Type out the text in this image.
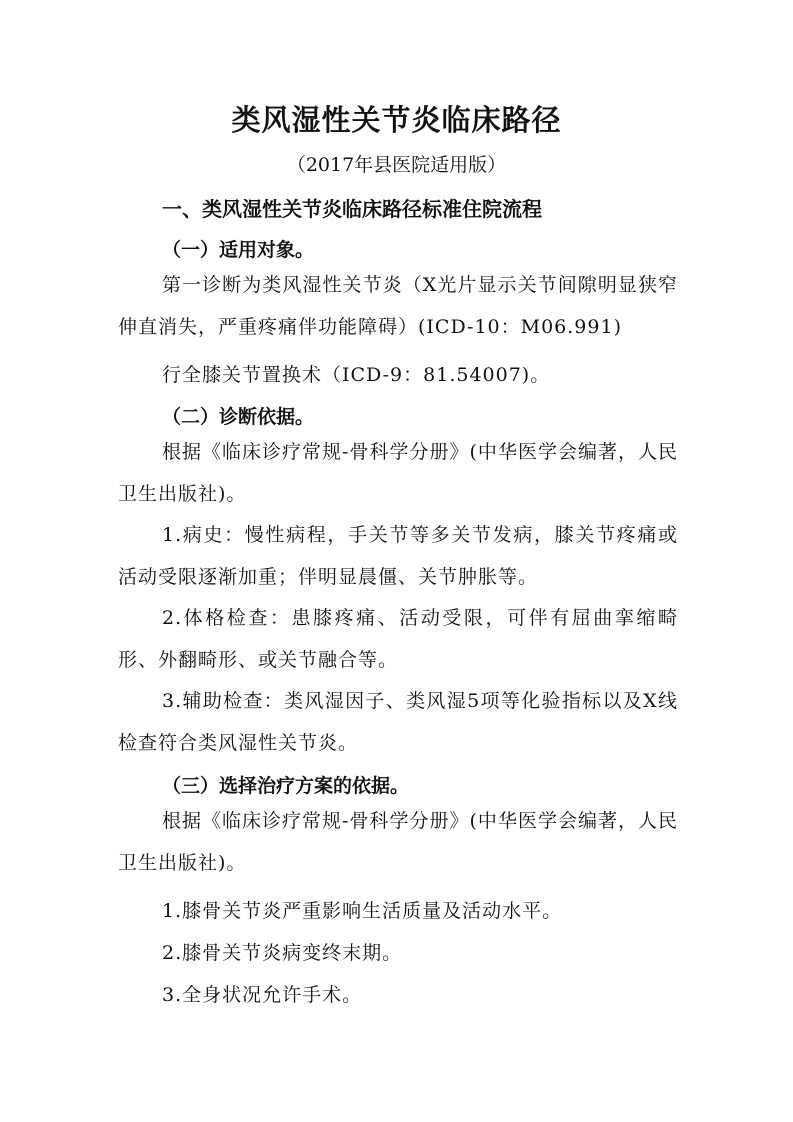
类风湿性关节炎临床路径
（2017年县医院适用版）
一、类风湿性关节炎临床路径标准住院流程
（一）适用对象。
第一诊断为类风湿性关节炎（X光片显示关节间隙明显狭窄伸直消失，严重疼痛伴功能障碍）(ICD-10：M06.991)
行全膝关节置换术（ICD-9：81.54007)。
（二）诊断依据。
根据《临床诊疗常规-骨科学分册》(中华医学会编著，人民卫生出版社)。
1.病史：慢性病程，手关节等多关节发病，膝关节疼痛或活动受限逐渐加重；伴明显晨僵、关节肿胀等。
2.体格检查：患膝疼痛、活动受限，可伴有屈曲挛缩畸形、外翻畸形、或关节融合等。
3.辅助检查：类风湿因子、类风湿5项等化验指标以及X线检查符合类风湿性关节炎。
（三）选择治疗方案的依据。
根据《临床诊疗常规-骨科学分册》(中华医学会编著，人民卫生出版社)。
1.膝骨关节炎严重影响生活质量及活动水平。
2.膝骨关节炎病变终末期。
3.全身状况允许手术。
